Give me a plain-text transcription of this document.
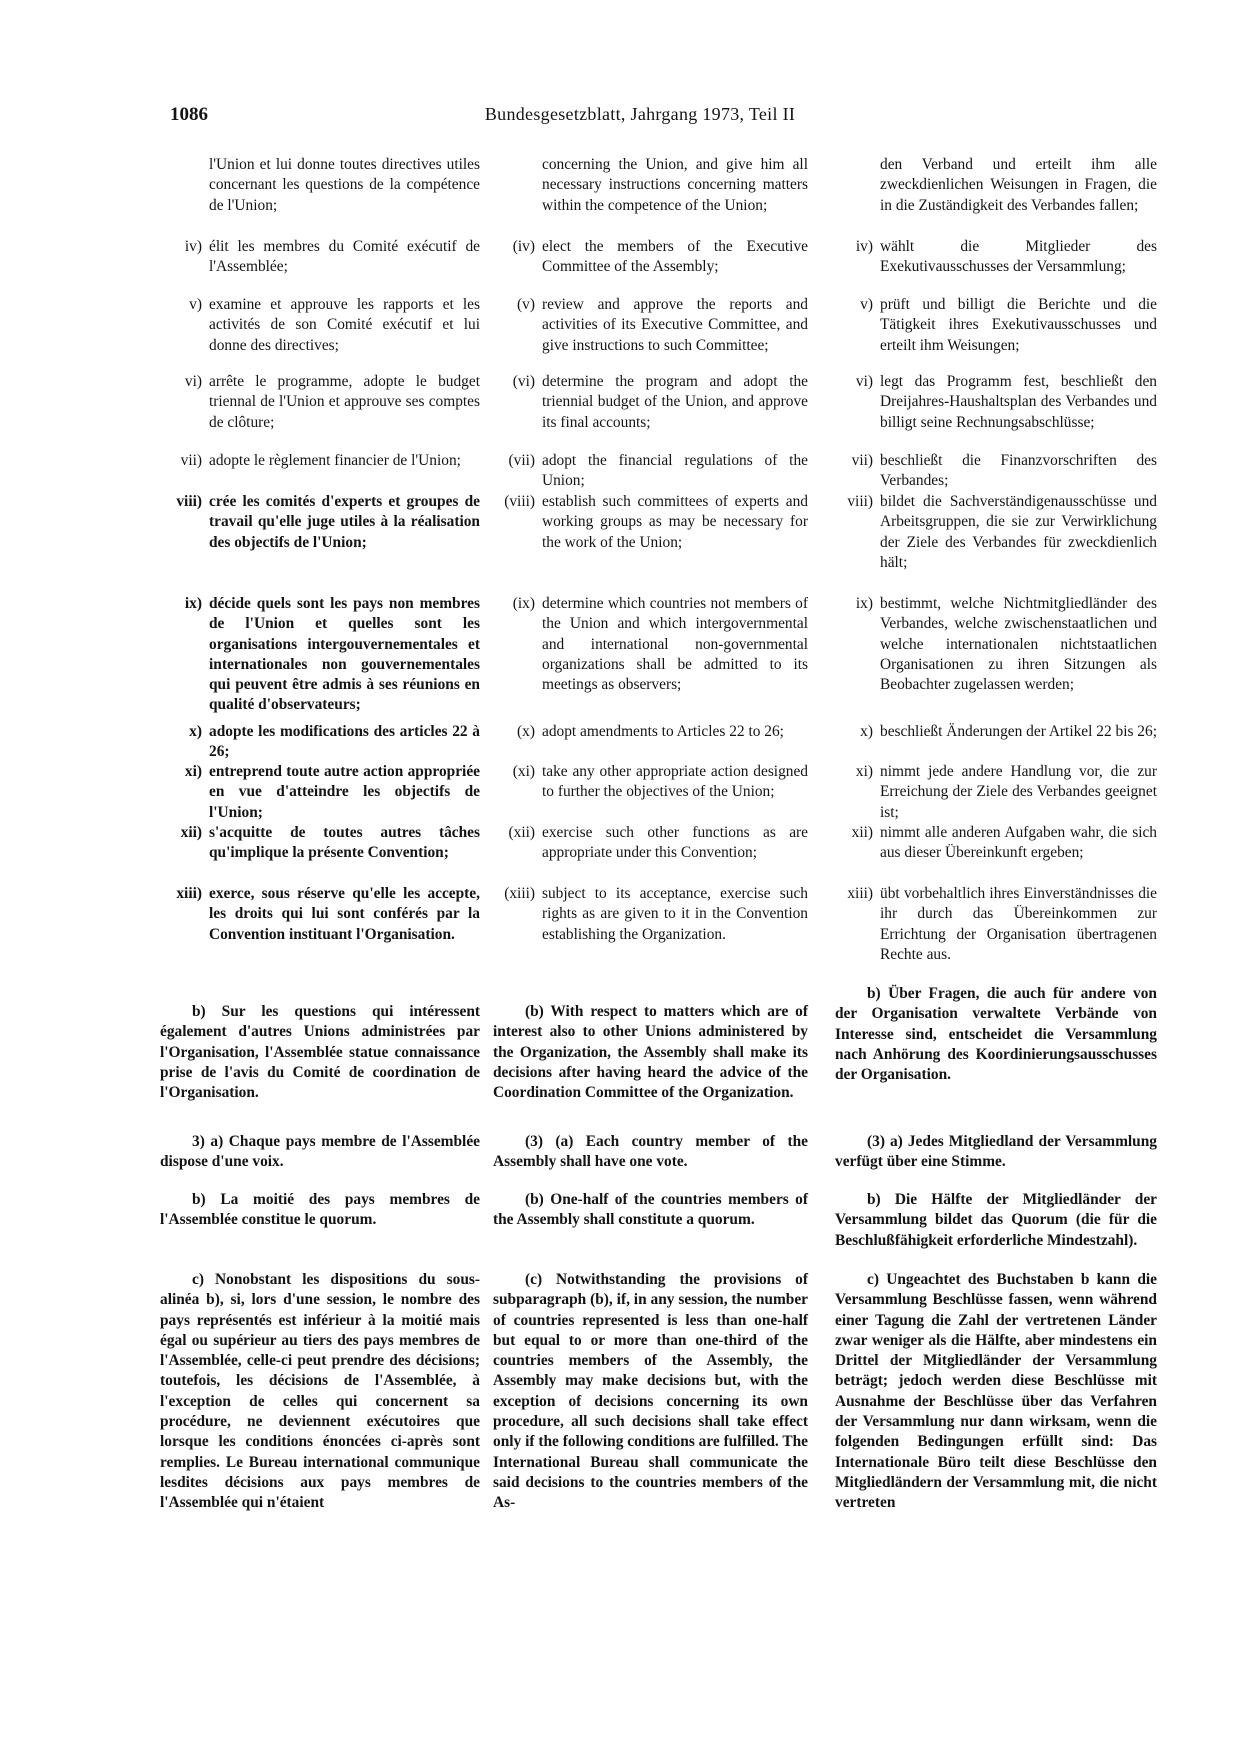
1086	Bundesgesetzblatt, Jahrgang 1973, Teil II
l'Union et lui donne toutes directives utiles concernant les questions de la compétence de l'Union;
iv) élit les membres du Comité exécutif de l'Assemblée;
v) examine et approuve les rapports et les activités de son Comité exécutif et lui donne des directives;
vi) arrête le programme, adopte le budget triennal de l'Union et approuve ses comptes de clôture;
vii) adopte le règlement financier de l'Union;
viii) crée les comités d'experts et groupes de travail qu'elle juge utiles à la réalisation des objectifs de l'Union;
ix) décide quels sont les pays non membres de l'Union et quelles sont les organisations intergouvernementales et internationales non gouvernementales qui peuvent être admis à ses réunions en qualité d'observateurs;
x) adopte les modifications des articles 22 à 26;
xi) entreprend toute autre action appropriée en vue d'atteindre les objectifs de l'Union;
xii) s'acquitte de toutes autres tâches qu'implique la présente Convention;
xiii) exerce, sous réserve qu'elle les accepte, les droits qui lui sont conférés par la Convention instituant l'Organisation.
b) Sur les questions qui intéressent également d'autres Unions administrées par l'Organisation, l'Assemblée statue connaissance prise de l'avis du Comité de coordination de l'Organisation.
3) a) Chaque pays membre de l'Assemblée dispose d'une voix.
b) La moitié des pays membres de l'Assemblée constitue le quorum.
c) Nonobstant les dispositions du sous-alinéa b), si, lors d'une session, le nombre des pays représentés est inférieur à la moitié mais égal ou supérieur au tiers des pays membres de l'Assemblée, celle-ci peut prendre des décisions; toutefois, les décisions de l'Assemblée, à l'exception de celles qui concernent sa procédure, ne deviennent exécutoires que lorsque les conditions énoncées ci-après sont remplies. Le Bureau international communique lesdites décisions aux pays membres de l'Assemblée qui n'étaient
concerning the Union, and give him all necessary instructions concerning matters within the competence of the Union;
(iv) elect the members of the Executive Committee of the Assembly;
(v) review and approve the reports and activities of its Executive Committee, and give instructions to such Committee;
(vi) determine the program and adopt the triennial budget of the Union, and approve its final accounts;
(vii) adopt the financial regulations of the Union;
(viii) establish such committees of experts and working groups as may be necessary for the work of the Union;
(ix) determine which countries not members of the Union and which intergovernmental and international non-governmental organizations shall be admitted to its meetings as observers;
(x) adopt amendments to Articles 22 to 26;
(xi) take any other appropriate action designed to further the objectives of the Union;
(xii) exercise such other functions as are appropriate under this Convention;
(xiii) subject to its acceptance, exercise such rights as are given to it in the Convention establishing the Organization.
(b) With respect to matters which are of interest also to other Unions administered by the Organization, the Assembly shall make its decisions after having heard the advice of the Coordination Committee of the Organization.
(3) (a) Each country member of the Assembly shall have one vote.
(b) One-half of the countries members of the Assembly shall constitute a quorum.
(c) Notwithstanding the provisions of subparagraph (b), if, in any session, the number of countries represented is less than one-half but equal to or more than one-third of the countries members of the Assembly, the Assembly may make decisions but, with the exception of decisions concerning its own procedure, all such decisions shall take effect only if the following conditions are fulfilled. The International Bureau shall communicate the said decisions to the countries members of the As-
den Verband und erteilt ihm alle zweckdienlichen Weisungen in Fragen, die in die Zuständigkeit des Verbandes fallen;
iv) wählt die Mitglieder des Exekutivausschusses der Versammlung;
v) prüft und billigt die Berichte und die Tätigkeit ihres Exekutivausschusses und erteilt ihm Weisungen;
vi) legt das Programm fest, beschließt den Dreijahres-Haushaltsplan des Verbandes und billigt seine Rechnungsabschlüsse;
vii) beschließt die Finanzvorschriften des Verbandes;
viii) bildet die Sachverständigenausschüsse und Arbeitsgruppen, die sie zur Verwirklichung der Ziele des Verbandes für zweckdienlich hält;
ix) bestimmt, welche Nichtmitgliedländer des Verbandes, welche zwischenstaatlichen und welche internationalen nichtstaatlichen Organisationen zu ihren Sitzungen als Beobachter zugelassen werden;
x) beschließt Änderungen der Artikel 22 bis 26;
xi) nimmt jede andere Handlung vor, die zur Erreichung der Ziele des Verbandes geeignet ist;
xii) nimmt alle anderen Aufgaben wahr, die sich aus dieser Übereinkunft ergeben;
xiii) übt vorbehaltlich ihres Einverständnisses die ihr durch das Übereinkommen zur Errichtung der Organisation übertragenen Rechte aus.
b) Über Fragen, die auch für andere von der Organisation verwaltete Verbände von Interesse sind, entscheidet die Versammlung nach Anhörung des Koordinierungsausschusses der Organisation.
(3) a) Jedes Mitgliedland der Versammlung verfügt über eine Stimme.
b) Die Hälfte der Mitgliedländer der Versammlung bildet das Quorum (die für die Beschlußfähigkeit erforderliche Mindestzahl).
c) Ungeachtet des Buchstaben b kann die Versammlung Beschlüsse fassen, wenn während einer Tagung die Zahl der vertretenen Länder zwar weniger als die Hälfte, aber mindestens ein Drittel der Mitgliedländer der Versammlung beträgt; jedoch werden diese Beschlüsse mit Ausnahme der Beschlüsse über das Verfahren der Versammlung nur dann wirksam, wenn die folgenden Bedingungen erfüllt sind: Das Internationale Büro teilt diese Beschlüsse den Mitgliedländern der Versammlung mit, die nicht vertreten
